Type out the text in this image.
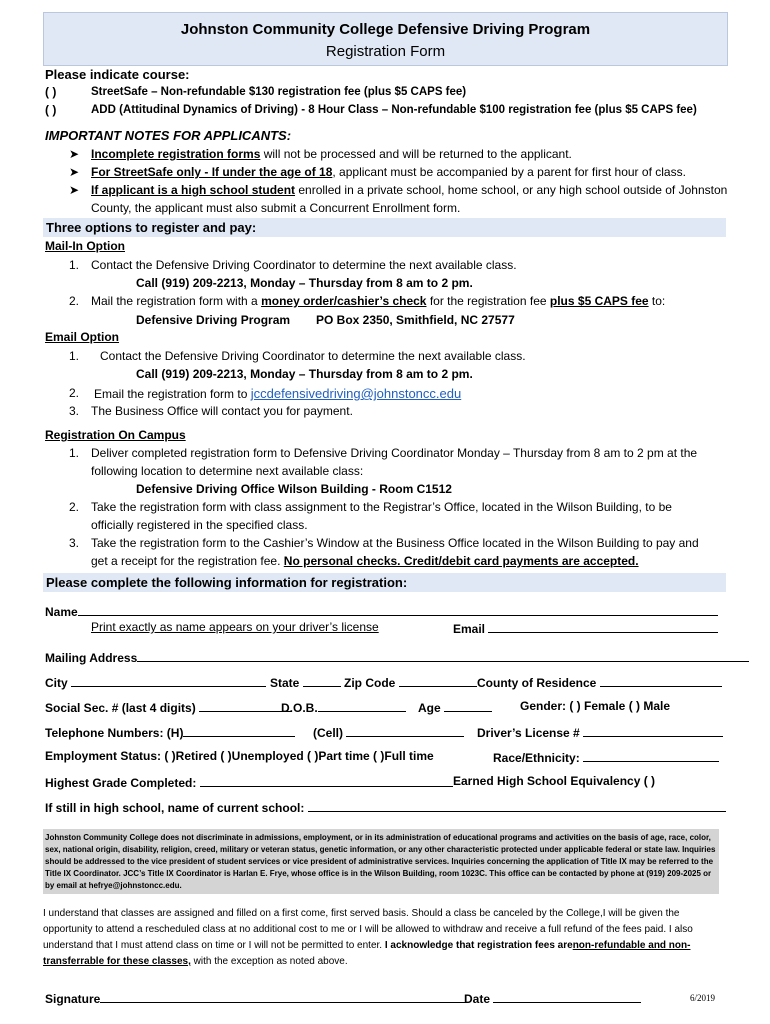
Johnston Community College Defensive Driving Program
Registration Form
Please indicate course:
( )	StreetSafe – Non-refundable $130 registration fee (plus $5 CAPS fee)
( )	ADD (Attitudinal Dynamics of Driving) - 8 Hour Class – Non-refundable $100 registration fee (plus $5 CAPS fee)
IMPORTANT NOTES FOR APPLICANTS:
➤ Incomplete registration forms will not be processed and will be returned to the applicant.
➤ For StreetSafe only - If under the age of 18, applicant must be accompanied by a parent for first hour of class.
➤ If applicant is a high school student enrolled in a private school, home school, or any high school outside of Johnston
County, the applicant must also submit a Concurrent Enrollment form.
Three options to register and pay:
Mail-In Option
1. Contact the Defensive Driving Coordinator to determine the next available class.
Call (919) 209-2213, Monday – Thursday from 8 am to 2 pm.
2. Mail the registration form with a money order/cashier’s check for the registration fee plus $5 CAPS fee to:
Defensive Driving Program PO Box 2350, Smithfield, NC 27577
Email Option
1. Contact the Defensive Driving Coordinator to determine the next available class.
Call (919) 209-2213, Monday – Thursday from 8 am to 2 pm.
2. Email the registration form to jccdefensivedriving@johnstoncc.edu
3. The Business Office will contact you for payment.
Registration On Campus
1. Deliver completed registration form to Defensive Driving Coordinator Monday – Thursday from 8 am to 2 pm at the
following location to determine next available class:
Defensive Driving Office Wilson Building - Room C1512
2. Take the registration form with class assignment to the Registrar’s Office, located in the Wilson Building, to be
officially registered in the specified class.
3. Take the registration form to the Cashier’s Window at the Business Office located in the Wilson Building to pay and
get a receipt for the registration fee. No personal checks. Credit/debit card payments are accepted.
Please complete the following information for registration:
Name
Print exactly as name appears on your driver’s license	Email
Mailing Address
City	State	Zip Code	County of Residence
Social Sec. # (last 4 digits)	D.O.B.	Age	Gender: ( ) Female ( ) Male
Telephone Numbers: (H)	(Cell)	Driver’s License #
Employment Status: ( )Retired ( )Unemployed ( )Part time ( )Full time	Race/Ethnicity:
Highest Grade Completed:	Earned High School Equivalency ( )
If still in high school, name of current school:
Johnston Community College does not discriminate in admissions, employment, or in its administration of educational programs and activities on the basis of age, race, color, sex, national origin, disability, religion, creed, military or veteran status, genetic information, or any other characteristic protected under applicable federal or state law. Inquiries should be addressed to the vice president of student services or vice president of administrative services. Inquiries concerning the application of Title IX may be referred to the Title IX Coordinator. JCC’s Title IX Coordinator is Harlan E. Frye, whose office is in the Wilson Building, room 1023C. This office can be contacted by phone at (919) 209-2025 or by email at hefrye@johnstoncc.edu.
I understand that classes are assigned and filled on a first come, first served basis. Should a class be canceled by the College,I will be given the opportunity to attend a rescheduled class at no additional cost to me or I will be allowed to withdraw and receive a full refund of the fees paid. I also understand that I must attend class on time or I will not be permitted to enter. I acknowledge that registration fees arenon-refundable and non-transferrable for these classes, with the exception as noted above.
Signature	Date	6/2019
